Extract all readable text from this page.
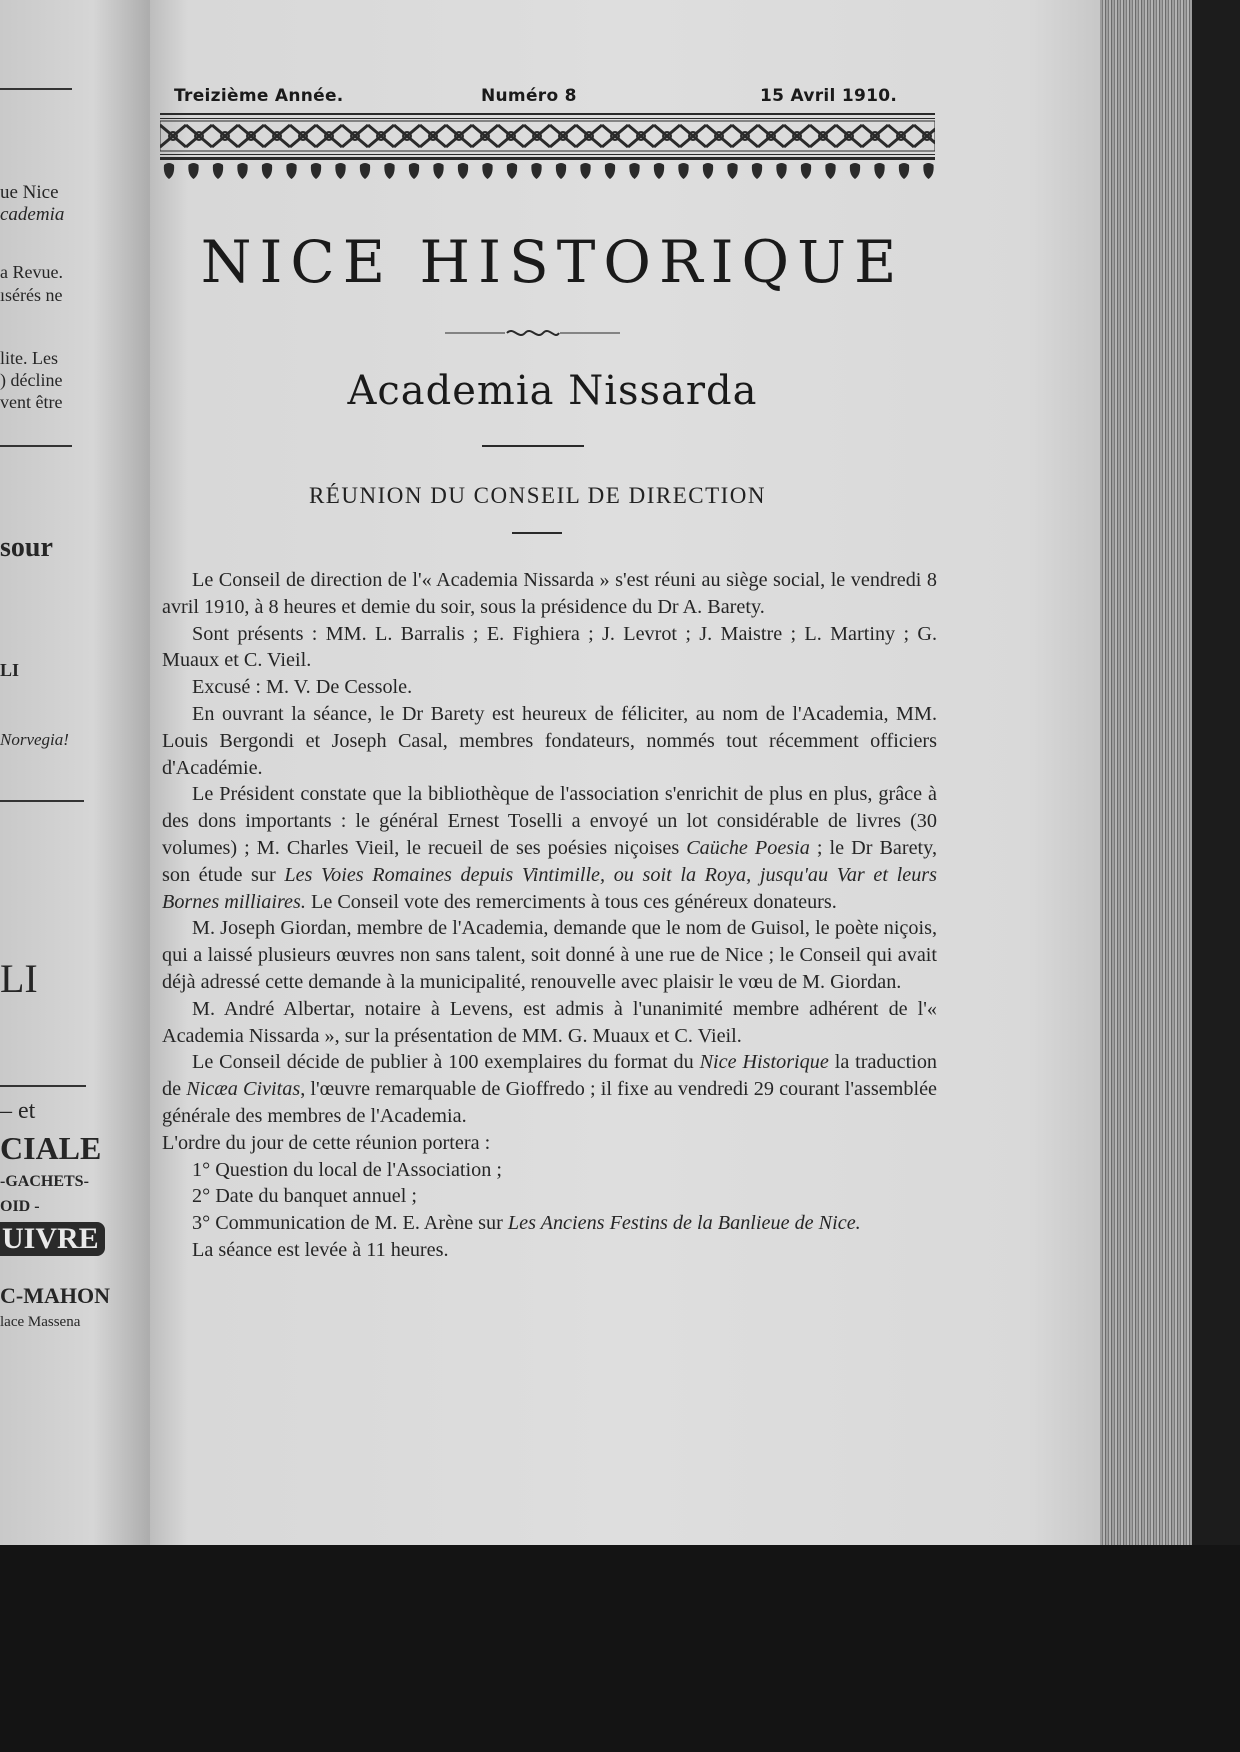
ue Nice
cademia
a Revue.
ısérés ne
lite. Les
) décline
vent être
sour
LI
Norvegia!
LI
– et
CIALE
-GACHETS-
OID -
UIVRE
C-MAHON
lace Massena
Treizième Année.	Numéro 8	15 Avril 1910.
NICE HISTORIQUE
Academia Nissarda
RÉUNION DU CONSEIL DE DIRECTION

Le Conseil de direction de l'« Academia Nissarda » s'est réuni au siège social, le vendredi 8 avril 1910, à 8 heures et demie du soir, sous la présidence du Dr A. Barety.

Sont présents : MM. L. Barralis ; E. Fighiera ; J. Levrot ; J. Maistre ; L. Martiny ; G. Muaux et C. Vieil.

Excusé : M. V. De Cessole.

En ouvrant la séance, le Dr Barety est heureux de féliciter, au nom de l'Academia, MM. Louis Bergondi et Joseph Casal, membres fondateurs, nommés tout récemment officiers d'Académie.

Le Président constate que la bibliothèque de l'association s'enrichit de plus en plus, grâce à des dons importants : le général Ernest Toselli a envoyé un lot considérable de livres (30 volumes) ; M. Charles Vieil, le recueil de ses poésies niçoises Caüche Poesia ; le Dr Barety, son étude sur Les Voies Romaines depuis Vintimille, ou soit la Roya, jusqu'au Var et leurs Bornes milliaires. Le Conseil vote des remerciments à tous ces généreux donateurs.

M. Joseph Giordan, membre de l'Academia, demande que le nom de Guisol, le poète niçois, qui a laissé plusieurs œuvres non sans talent, soit donné à une rue de Nice ; le Conseil qui avait déjà adressé cette demande à la municipalité, renouvelle avec plaisir le vœu de M. Giordan.

M. André Albertar, notaire à Levens, est admis à l'unanimité membre adhérent de l'« Academia Nissarda », sur la présentation de MM. G. Muaux et C. Vieil.

Le Conseil décide de publier à 100 exemplaires du format du Nice Historique la traduction de Nicæa Civitas, l'œuvre remarquable de Gioffredo ; il fixe au vendredi 29 courant l'assemblée générale des membres de l'Academia.

L'ordre du jour de cette réunion portera :

1° Question du local de l'Association ;

2° Date du banquet annuel ;

3° Communication de M. E. Arène sur Les Anciens Festins de la Banlieue de Nice.

La séance est levée à 11 heures.
